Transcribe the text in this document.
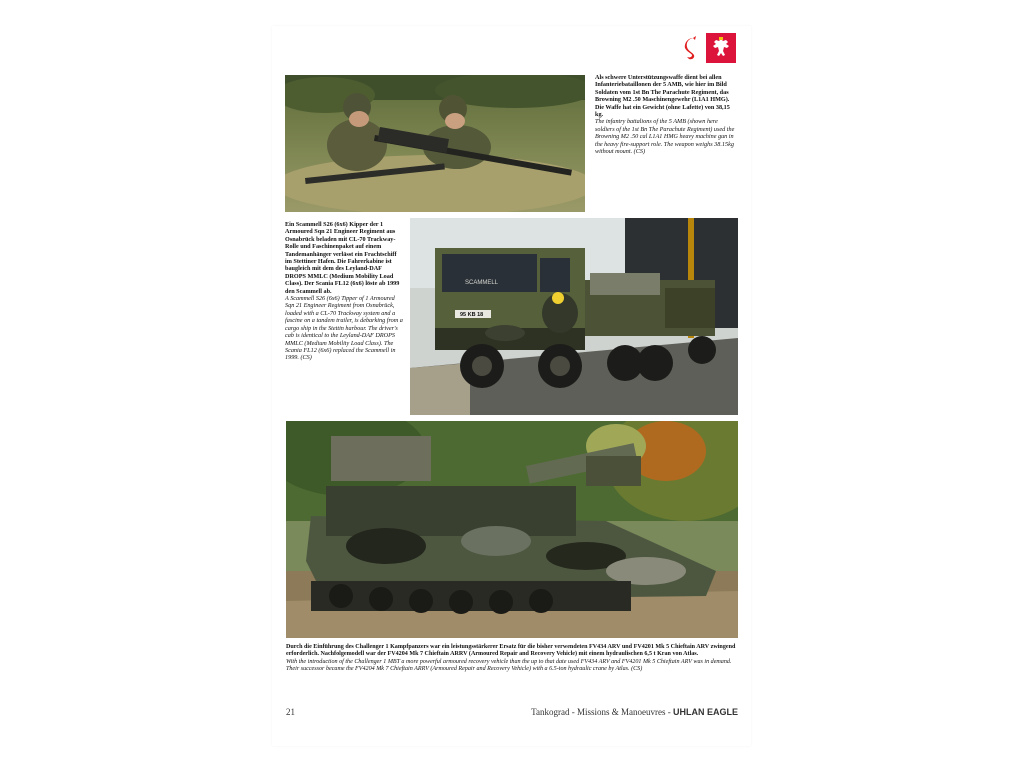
Als schwere Unterstützungswaffe dient bei allen Infanteriebataillonen der 5 AMB, wie hier im Bild Soldaten vom 1st Bn The Parachute Regiment, das Browning M2 .50 Maschinengewehr (L1A1 HMG). Die Waffe hat ein Gewicht (ohne Lafette) von 38,15 kg.
The infantry battalions of the 5 AMB (shown here soldiers of the 1st Bn The Parachute Regiment) used the Browning M2 .50 cal L1A1 HMG heavy machine gun in the heavy fire-support role. The weapon weighs 38.15kg without mount. (CS)
Ein Scammell S26 (6x6) Kipper der 1 Armoured Sqn 21 Engineer Regiment aus Osnabrück beladen mit CL-70 Trackway-Rolle und Faschinenpaket auf einem Tandemanhänger verlässt ein Frachtschiff im Stettiner Hafen. Die Fahrerkabine ist baugleich mit dem des Leyland-DAF DROPS MMLC (Medium Mobility Load Class). Der Scania FL12 (6x6) löste ab 1999 den Scammell ab.
A Scammell S26 (6x6) Tipper of 1 Armoured Sqn 21 Engineer Regiment from Osnabrück, loaded with a CL-70 Trackway system and a fascine on a tandem trailer, is debarking from a cargo ship in the Stettin harbour. The driver's cab is identical to the Leyland-DAF DROPS MMLC (Medium Mobility Load Class). The Scania FL12 (6x6) replaced the Scammell in 1999. (CS)
SCAMMELL
95 KB 18
Durch die Einführung des Challenger 1 Kampfpanzers war ein leistungsstärkerer Ersatz für die bisher verwendeten FV434 ARV und FV4201 Mk 5 Chieftain ARV zwingend erforderlich. Nachfolgemodell war der FV4204 Mk 7 Chieftain ARRV (Armoured Repair and Recovery Vehicle) mit einem hydraulischen 6,5 t Kran von Atlas.
With the introduction of the Challenger 1 MBT a more powerful armoured recovery vehicle than the up to that date used FV434 ARV and FV4201 Mk 5 Chieftain ARV was in demand. Their successor became the FV4204 Mk 7 Chieftain ARRV (Armoured Repair and Recovery Vehicle) with a 6.5-ton hydraulic crane by Atlas. (CS)
21	Tankograd - Missions & Manoeuvres - UHLAN EAGLE
